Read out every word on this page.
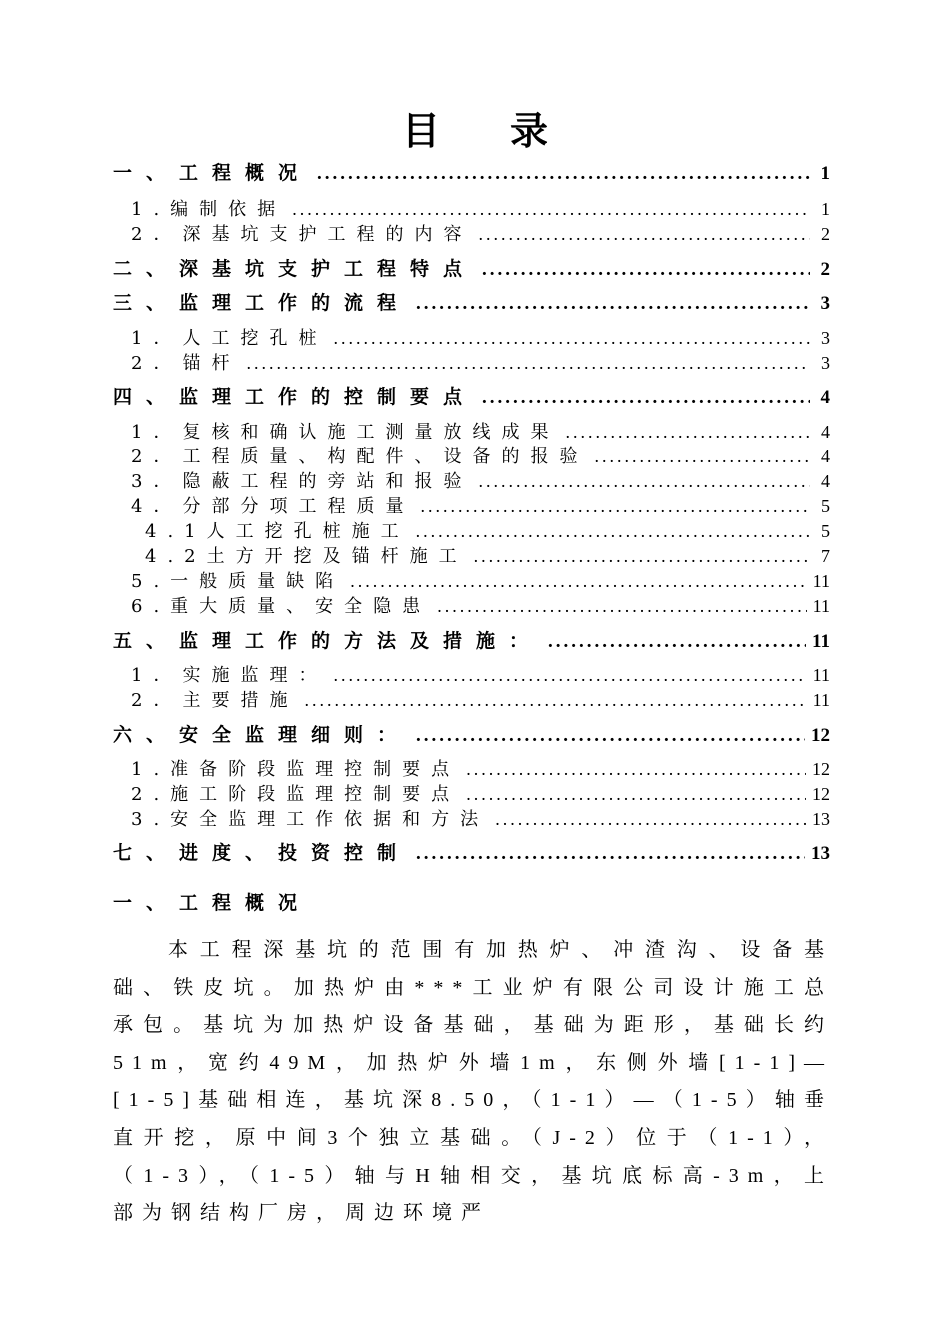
目录
一、工程概况 .....	1
1.编制依据 .....	1
2．深基坑支护工程的内容 .....	2
二、深基坑支护工程特点 .....	2
三、监理工作的流程 .....	3
1．人工挖孔桩 .....	3
2．锚杆 .....	3
四、监理工作的控制要点 .....	4
1．复核和确认施工测量放线成果 .....	4
2．工程质量、构配件、设备的报验 .....	4
3．隐蔽工程的旁站和报验 .....	4
4．分部分项工程质量 .....	5
4.1人工挖孔桩施工 .....	5
4.2土方开挖及锚杆施工 .....	7
5.一般质量缺陷 .....	11
6.重大质量、安全隐患 .....	11
五、监理工作的方法及措施： .....	11
1．实施监理： .....	11
2．主要措施 .....	11
六、安全监理细则： .....	12
1.准备阶段监理控制要点 .....	12
2.施工阶段监理控制要点 .....	12
3.安全监理工作依据和方法 .....	13
七、进度、投资控制 .....	13
一、工程概况
本工程深基坑的范围有加热炉、冲渣沟、设备基础、铁皮坑。加热炉由***工业炉有限公司设计施工总承包。基坑为加热炉设备基础，基础为距形，基础长约51m，宽约49M，加热炉外墙1m，东侧外墙[1-1]—[1-5]基础相连，基坑深8.50，（1-1）—（1-5）轴垂直开挖，原中间3个独立基础。（J-2）位于（1-1），（1-3），（1-5）轴与H轴相交，基坑底标高-3m，上部为钢结构厂房，周边环境严
